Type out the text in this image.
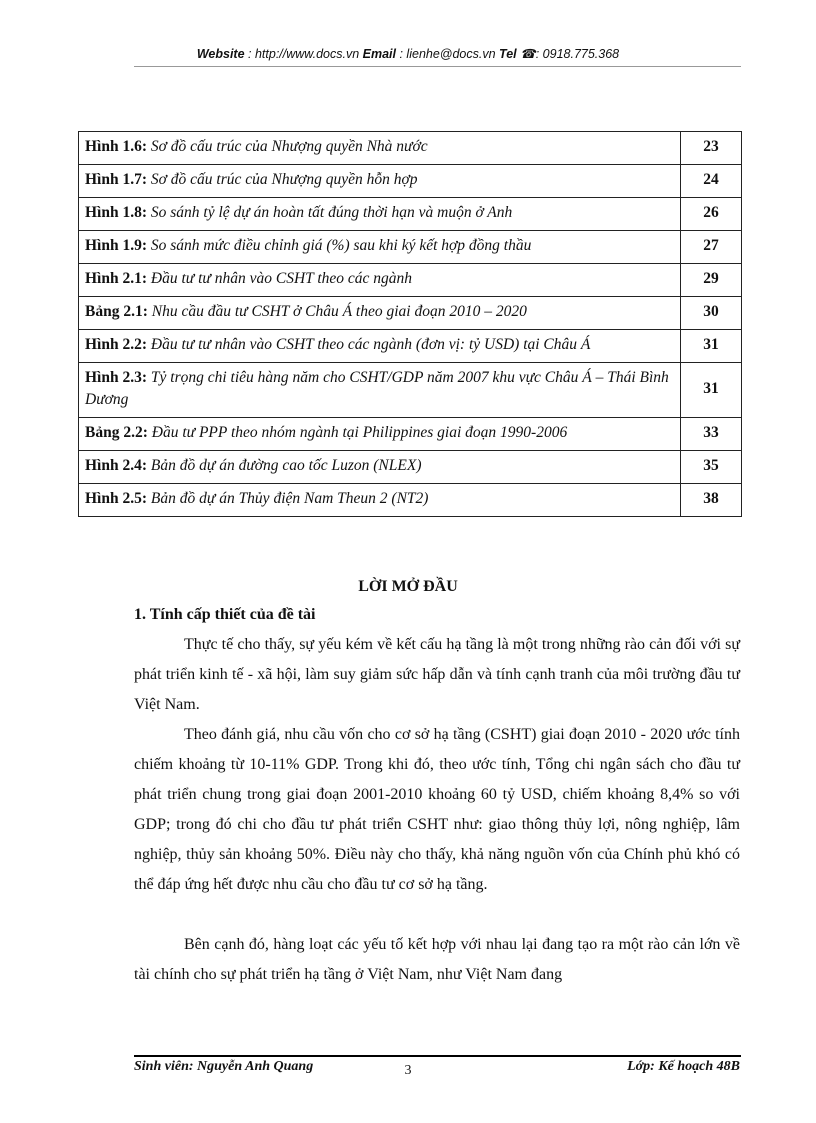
Website : http://www.docs.vn Email : lienhe@docs.vn Tel ☎: 0918.775.368
Hình 1.6: Sơ đồ cấu trúc của Nhượng quyền Nhà nước	23
Hình 1.7: Sơ đồ cấu trúc của Nhượng quyền hỗn hợp	24
Hình 1.8: So sánh tỷ lệ dự án hoàn tất đúng thời hạn và muộn ở Anh	26
Hình 1.9: So sánh mức điều chỉnh giá (%) sau khi ký kết hợp đồng thầu	27
Hình 2.1: Đầu tư tư nhân vào CSHT theo các ngành	29
Bảng 2.1: Nhu cầu đầu tư CSHT ở Châu Á theo giai đoạn 2010 – 2020	30
Hình 2.2: Đầu tư tư nhân vào CSHT theo các ngành (đơn vị: tỷ USD) tại Châu Á	31
Hình 2.3: Tỷ trọng chi tiêu hàng năm cho CSHT/GDP năm 2007 khu vực Châu Á – Thái Bình Dương	31
Bảng 2.2: Đầu tư PPP theo nhóm ngành tại Philippines giai đoạn 1990-2006	33
Hình 2.4: Bản đồ dự án đường cao tốc Luzon (NLEX)	35
Hình 2.5: Bản đồ dự án Thủy điện Nam Theun 2 (NT2)	38
LỜI MỞ ĐẦU
1. Tính cấp thiết của đề tài

Thực tế cho thấy, sự yếu kém về kết cấu hạ tầng là một trong những rào cản đối với sự phát triển kinh tế - xã hội, làm suy giảm sức hấp dẫn và tính cạnh tranh của môi trường đầu tư Việt Nam.

Theo đánh giá, nhu cầu vốn cho cơ sở hạ tầng (CSHT) giai đoạn 2010 - 2020 ước tính chiếm khoảng từ 10-11% GDP. Trong khi đó, theo ước tính, Tổng chi ngân sách cho đầu tư phát triển chung trong giai đoạn 2001-2010 khoảng 60 tỷ USD, chiếm khoảng 8,4% so với GDP; trong đó chi cho đầu tư phát triển CSHT như: giao thông thủy lợi, nông nghiệp, lâm nghiệp, thủy sản khoảng 50%. Điều này cho thấy, khả năng nguồn vốn của Chính phủ khó có thể đáp ứng hết được nhu cầu cho đầu tư cơ sở hạ tầng.

Bên cạnh đó, hàng loạt các yếu tố kết hợp với nhau lại đang tạo ra một rào cản lớn về tài chính cho sự phát triển hạ tầng ở Việt Nam, như Việt Nam đang

Sinh viên: Nguyễn Anh Quang	3	Lớp: Kế hoạch 48B
